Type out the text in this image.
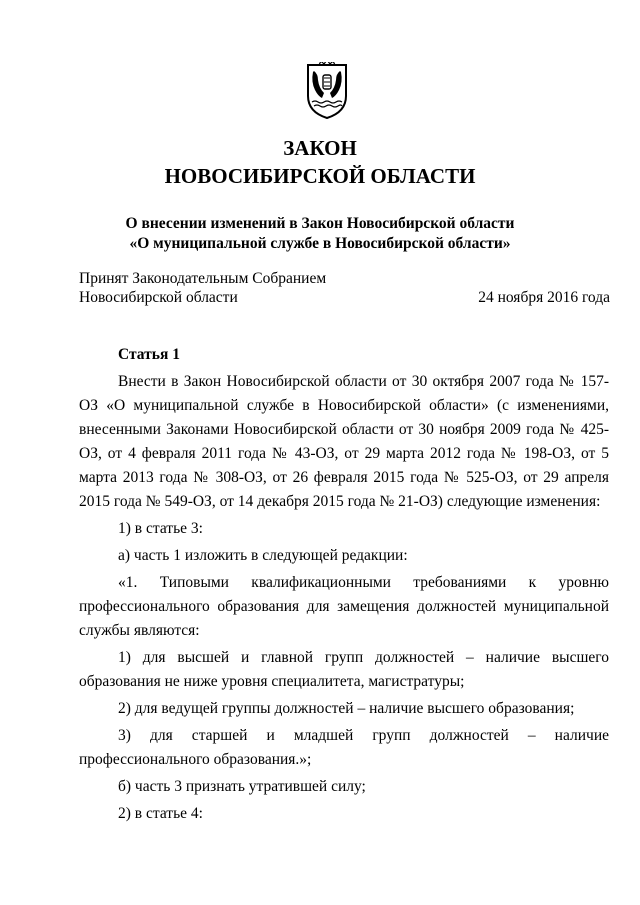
ЗАКОН
НОВОСИБИРСКОЙ ОБЛАСТИ
О внесении изменений в Закон Новосибирской области
«О муниципальной службе в Новосибирской области»
Принят Законодательным Собранием
Новосибирской области	24 ноября 2016 года

Статья 1

Внести в Закон Новосибирской области от 30 октября 2007 года № 157-ОЗ «О муниципальной службе в Новосибирской области» (с изменениями, внесенными Законами Новосибирской области от 30 ноября 2009 года № 425-ОЗ, от 4 февраля 2011 года № 43-ОЗ, от 29 марта 2012 года № 198-ОЗ, от 5 марта 2013 года № 308-ОЗ, от 26 февраля 2015 года № 525-ОЗ, от 29 апреля 2015 года № 549-ОЗ, от 14 декабря 2015 года № 21-ОЗ) следующие изменения:

1) в статье 3:

а) часть 1 изложить в следующей редакции:

«1. Типовыми квалификационными требованиями к уровню профессионального образования для замещения должностей муниципальной службы являются:

1) для высшей и главной групп должностей – наличие высшего образования не ниже уровня специалитета, магистратуры;

2) для ведущей группы должностей – наличие высшего образования;

3) для старшей и младшей групп должностей – наличие профессионального образования.»;

б) часть 3 признать утратившей силу;

2) в статье 4:
